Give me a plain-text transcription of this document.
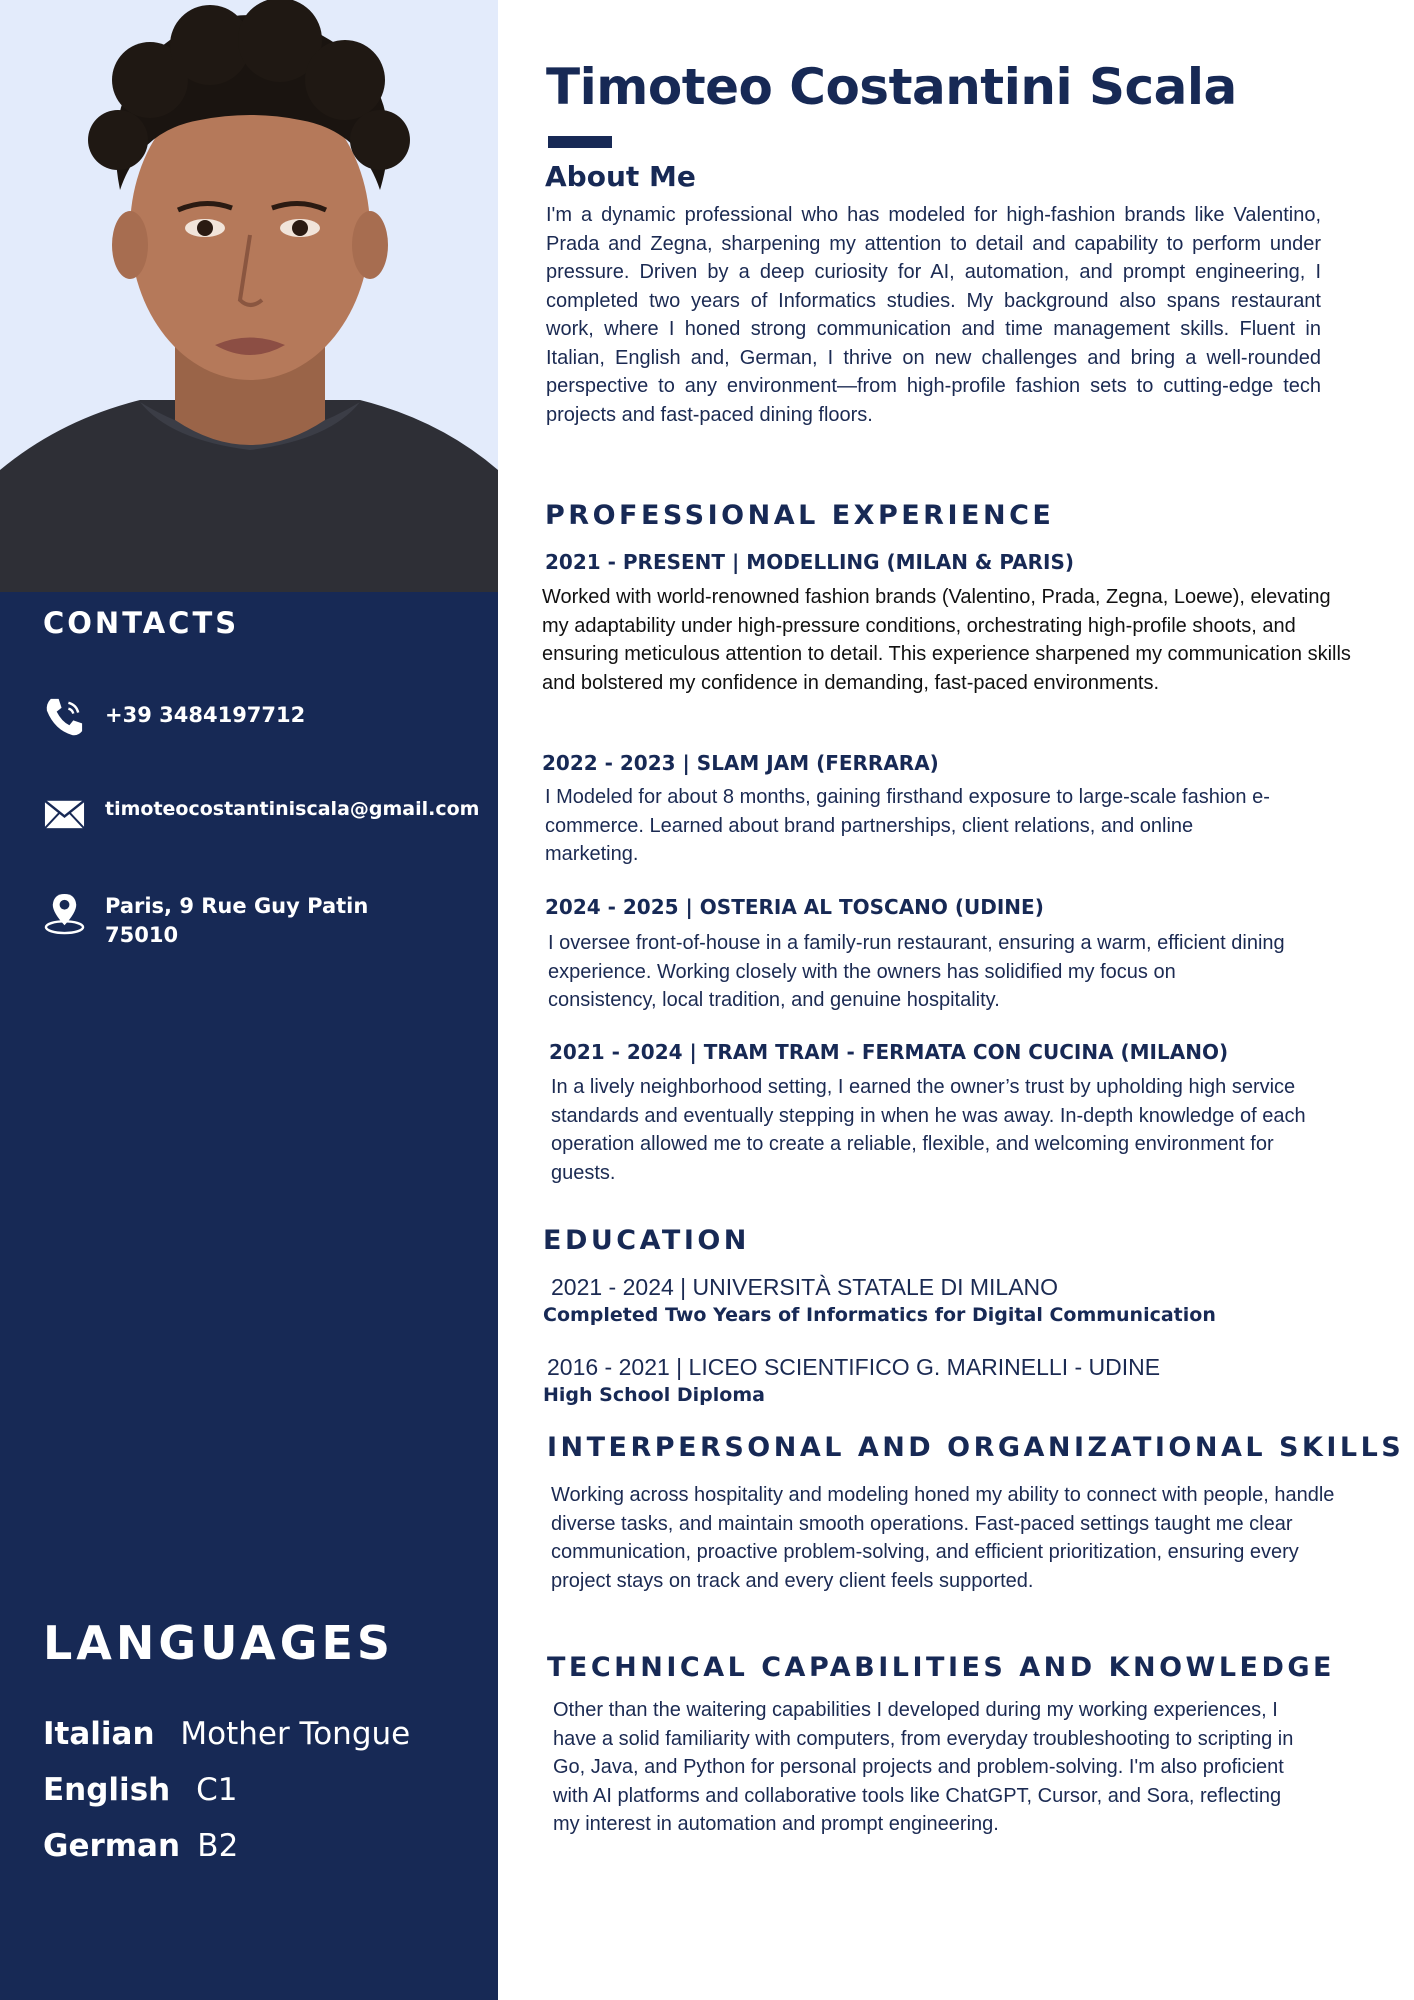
CONTACTS
+39 3484197712
timoteocostantiniscala@gmail.com
Paris, 9 Rue Guy Patin
75010
LANGUAGES
Italian Mother Tongue
English C1
German B2
Timoteo Costantini Scala
About Me
I'm a dynamic professional who has modeled for high-fashion brands like Valentino, Prada and Zegna, sharpening my attention to detail and capability to perform under pressure. Driven by a deep curiosity for AI, automation, and prompt engineering, I completed two years of Informatics studies. My background also spans restaurant work, where I honed strong communication and time management skills. Fluent in Italian, English and, German, I thrive on new challenges and bring a well-rounded perspective to any environment—from high-profile fashion sets to cutting-edge tech projects and fast-paced dining floors.
PROFESSIONAL EXPERIENCE
2021 - PRESENT | MODELLING (MILAN & PARIS)
Worked with world-renowned fashion brands (Valentino, Prada, Zegna, Loewe), elevating my adaptability under high-pressure conditions, orchestrating high-profile shoots, and ensuring meticulous attention to detail. This experience sharpened my communication skills and bolstered my confidence in demanding, fast-paced environments.
2022 - 2023 | SLAM JAM (FERRARA)
I Modeled for about 8 months, gaining firsthand exposure to large-scale fashion e-commerce. Learned about brand partnerships, client relations, and online marketing.
2024 - 2025 | OSTERIA AL TOSCANO (UDINE)
I oversee front-of-house in a family-run restaurant, ensuring a warm, efficient dining experience. Working closely with the owners has solidified my focus on consistency, local tradition, and genuine hospitality.
2021 - 2024 | TRAM TRAM - FERMATA CON CUCINA (MILANO)
In a lively neighborhood setting, I earned the owner’s trust by upholding high service standards and eventually stepping in when he was away. In-depth knowledge of each operation allowed me to create a reliable, flexible, and welcoming environment for guests.
EDUCATION
2021 - 2024 | UNIVERSITÀ STATALE DI MILANO
Completed Two Years of Informatics for Digital Communication
2016 - 2021 | LICEO SCIENTIFICO G. MARINELLI - UDINE
High School Diploma
INTERPERSONAL AND ORGANIZATIONAL SKILLS
Working across hospitality and modeling honed my ability to connect with people, handle diverse tasks, and maintain smooth operations. Fast-paced settings taught me clear communication, proactive problem-solving, and efficient prioritization, ensuring every project stays on track and every client feels supported.
TECHNICAL CAPABILITIES AND KNOWLEDGE
Other than the waitering capabilities I developed during my working experiences, I have a solid familiarity with computers, from everyday troubleshooting to scripting in Go, Java, and Python for personal projects and problem-solving. I'm also proficient with AI platforms and collaborative tools like ChatGPT, Cursor, and Sora, reflecting my interest in automation and prompt engineering.
